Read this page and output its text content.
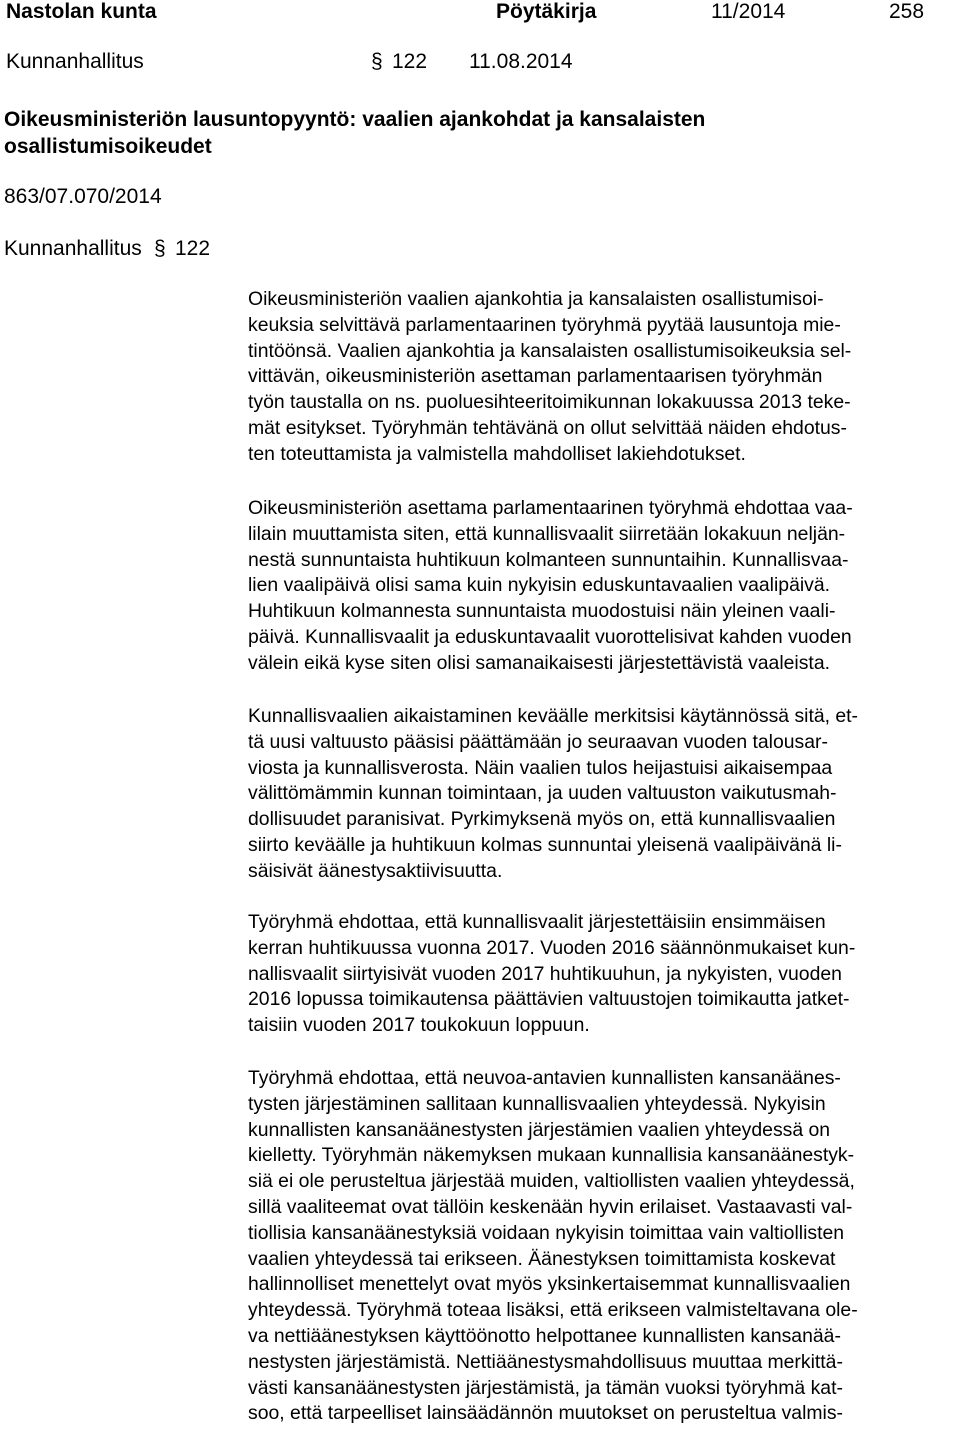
Nastolan kunta	Pöytäkirja	11/2014	258
Kunnanhallitus	§ 122 11.08.2014
Oikeusministeriön lausuntopyyntö: vaalien ajankohdat ja kansalaisten
osallistumisoikeudet
863/07.070/2014
Kunnanhallitus § 122
Oikeusministeriön vaalien ajankohtia ja kansalaisten osallistumisoi-
keuksia selvittävä parlamentaarinen työryhmä pyytää lausuntoja mie-
tintöönsä. Vaalien ajankohtia ja kansalaisten osallistumisoikeuksia sel-
vittävän, oikeusministeriön asettaman parlamentaarisen työryhmän
työn taustalla on ns. puoluesihteeritoimikunnan lokakuussa 2013 teke-
mät esitykset. Työryhmän tehtävänä on ollut selvittää näiden ehdotus-
ten toteuttamista ja valmistella mahdolliset lakiehdotukset.
Oikeusministeriön asettama parlamentaarinen työryhmä ehdottaa vaa-
lilain muuttamista siten, että kunnallisvaalit siirretään lokakuun neljän-
nestä sunnuntaista huhtikuun kolmanteen sunnuntaihin. Kunnallisvaa-
lien vaalipäivä olisi sama kuin nykyisin eduskuntavaalien vaalipäivä.
Huhtikuun kolmannesta sunnuntaista muodostuisi näin yleinen vaali-
päivä. Kunnallisvaalit ja eduskuntavaalit vuorottelisivat kahden vuoden
välein eikä kyse siten olisi samanaikaisesti järjestettävistä vaaleista.
Kunnallisvaalien aikaistaminen keväälle merkitsisi käytännössä sitä, et-
tä uusi valtuusto pääsisi päättämään jo seuraavan vuoden talousar-
viosta ja kunnallisverosta. Näin vaalien tulos heijastuisi aikaisempaa
välittömämmin kunnan toimintaan, ja uuden valtuuston vaikutusmah-
dollisuudet paranisivat. Pyrkimyksenä myös on, että kunnallisvaalien
siirto keväälle ja huhtikuun kolmas sunnuntai yleisenä vaalipäivänä li-
säisivät äänestysaktiivisuutta.
Työryhmä ehdottaa, että kunnallisvaalit järjestettäisiin ensimmäisen
kerran huhtikuussa vuonna 2017. Vuoden 2016 säännönmukaiset kun-
nallisvaalit siirtyisivät vuoden 2017 huhtikuuhun, ja nykyisten, vuoden
2016 lopussa toimikautensa päättävien valtuustojen toimikautta jatket-
taisiin vuoden 2017 toukokuun loppuun.
Työryhmä ehdottaa, että neuvoa-antavien kunnallisten kansanäänes-
tysten järjestäminen sallitaan kunnallisvaalien yhteydessä. Nykyisin
kunnallisten kansanäänestysten järjestämien vaalien yhteydessä on
kielletty. Työryhmän näkemyksen mukaan kunnallisia kansanäänestyk-
siä ei ole perusteltua järjestää muiden, valtiollisten vaalien yhteydessä,
sillä vaaliteemat ovat tällöin keskenään hyvin erilaiset. Vastaavasti val-
tiollisia kansanäänestyksiä voidaan nykyisin toimittaa vain valtiollisten
vaalien yhteydessä tai erikseen. Äänestyksen toimittamista koskevat
hallinnolliset menettelyt ovat myös yksinkertaisemmat kunnallisvaalien
yhteydessä. Työryhmä toteaa lisäksi, että erikseen valmisteltavana ole-
va nettiäänestyksen käyttöönotto helpottanee kunnallisten kansanää-
nestysten järjestämistä. Nettiäänestysmahdollisuus muuttaa merkittä-
västi kansanäänestysten järjestämistä, ja tämän vuoksi työryhmä kat-
soo, että tarpeelliset lainsäädännön muutokset on perusteltua valmis-
